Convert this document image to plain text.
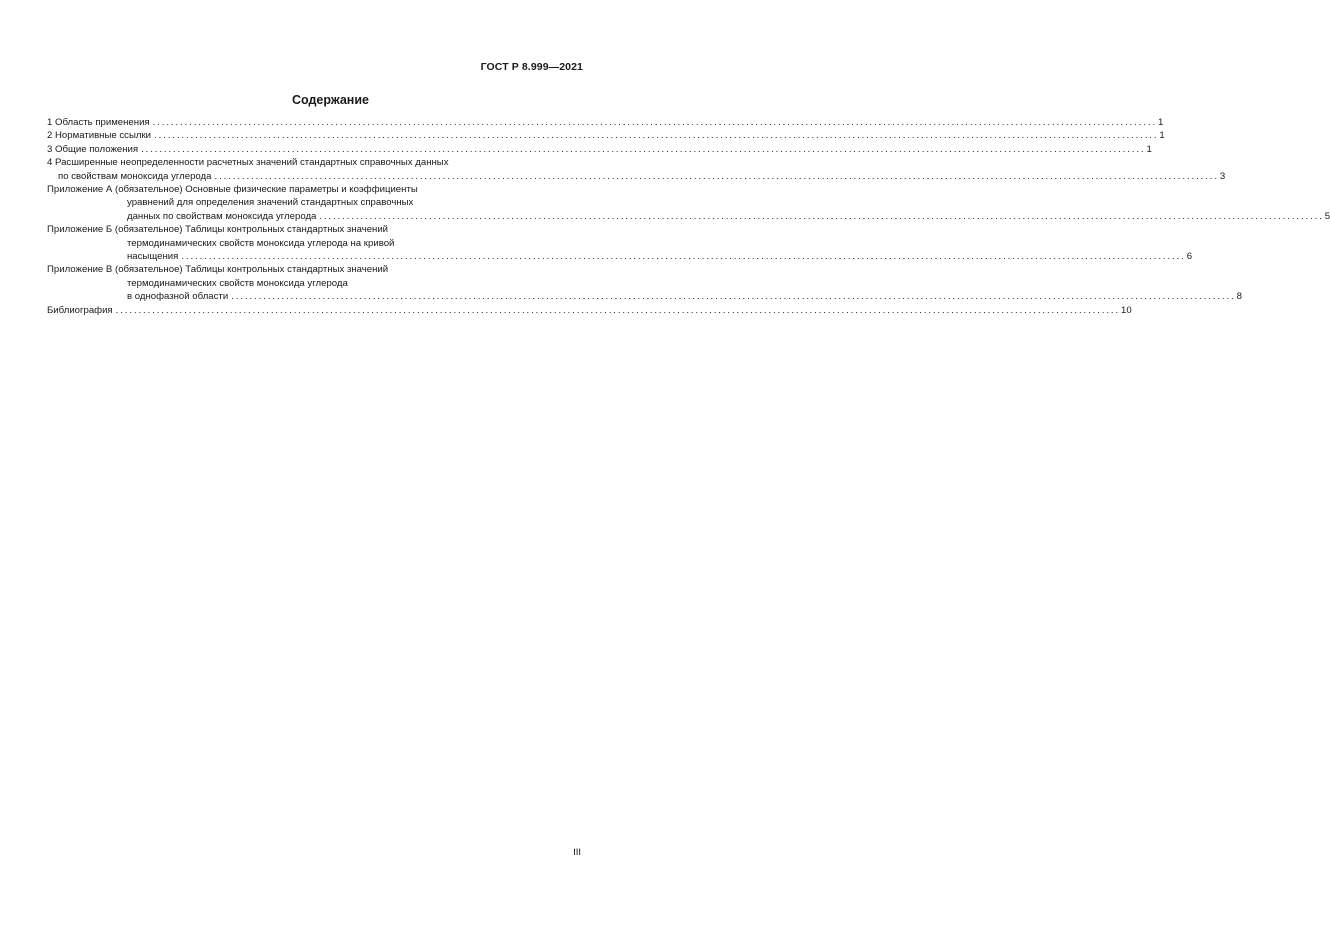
ГОСТ Р 8.999—2021
Содержание
1 Область применения ............................................................................................................................................................................................................................ 1
2 Нормативные ссылки ............................................................................................................................................................................................................................ 1
3 Общие положения ............................................................................................................................................................................................................................ 1
4 Расширенные неопределенности расчетных значений стандартных справочных данных
по свойствам моноксида углерода ............................................................................................................................................................................................................................ 3
Приложение А (обязательное) Основные физические параметры и коэффициенты
уравнений для определения значений стандартных справочных
данных по свойствам моноксида углерода ............................................................................................................................................................................................................................ 5
Приложение Б (обязательное) Таблицы контрольных стандартных значений
термодинамических свойств моноксида углерода на кривой
насыщения ............................................................................................................................................................................................................................ 6
Приложение В (обязательное) Таблицы контрольных стандартных значений
термодинамических свойств моноксида углерода
в однофазной области ............................................................................................................................................................................................................................ 8
Библиография ............................................................................................................................................................................................................................ 10
III
